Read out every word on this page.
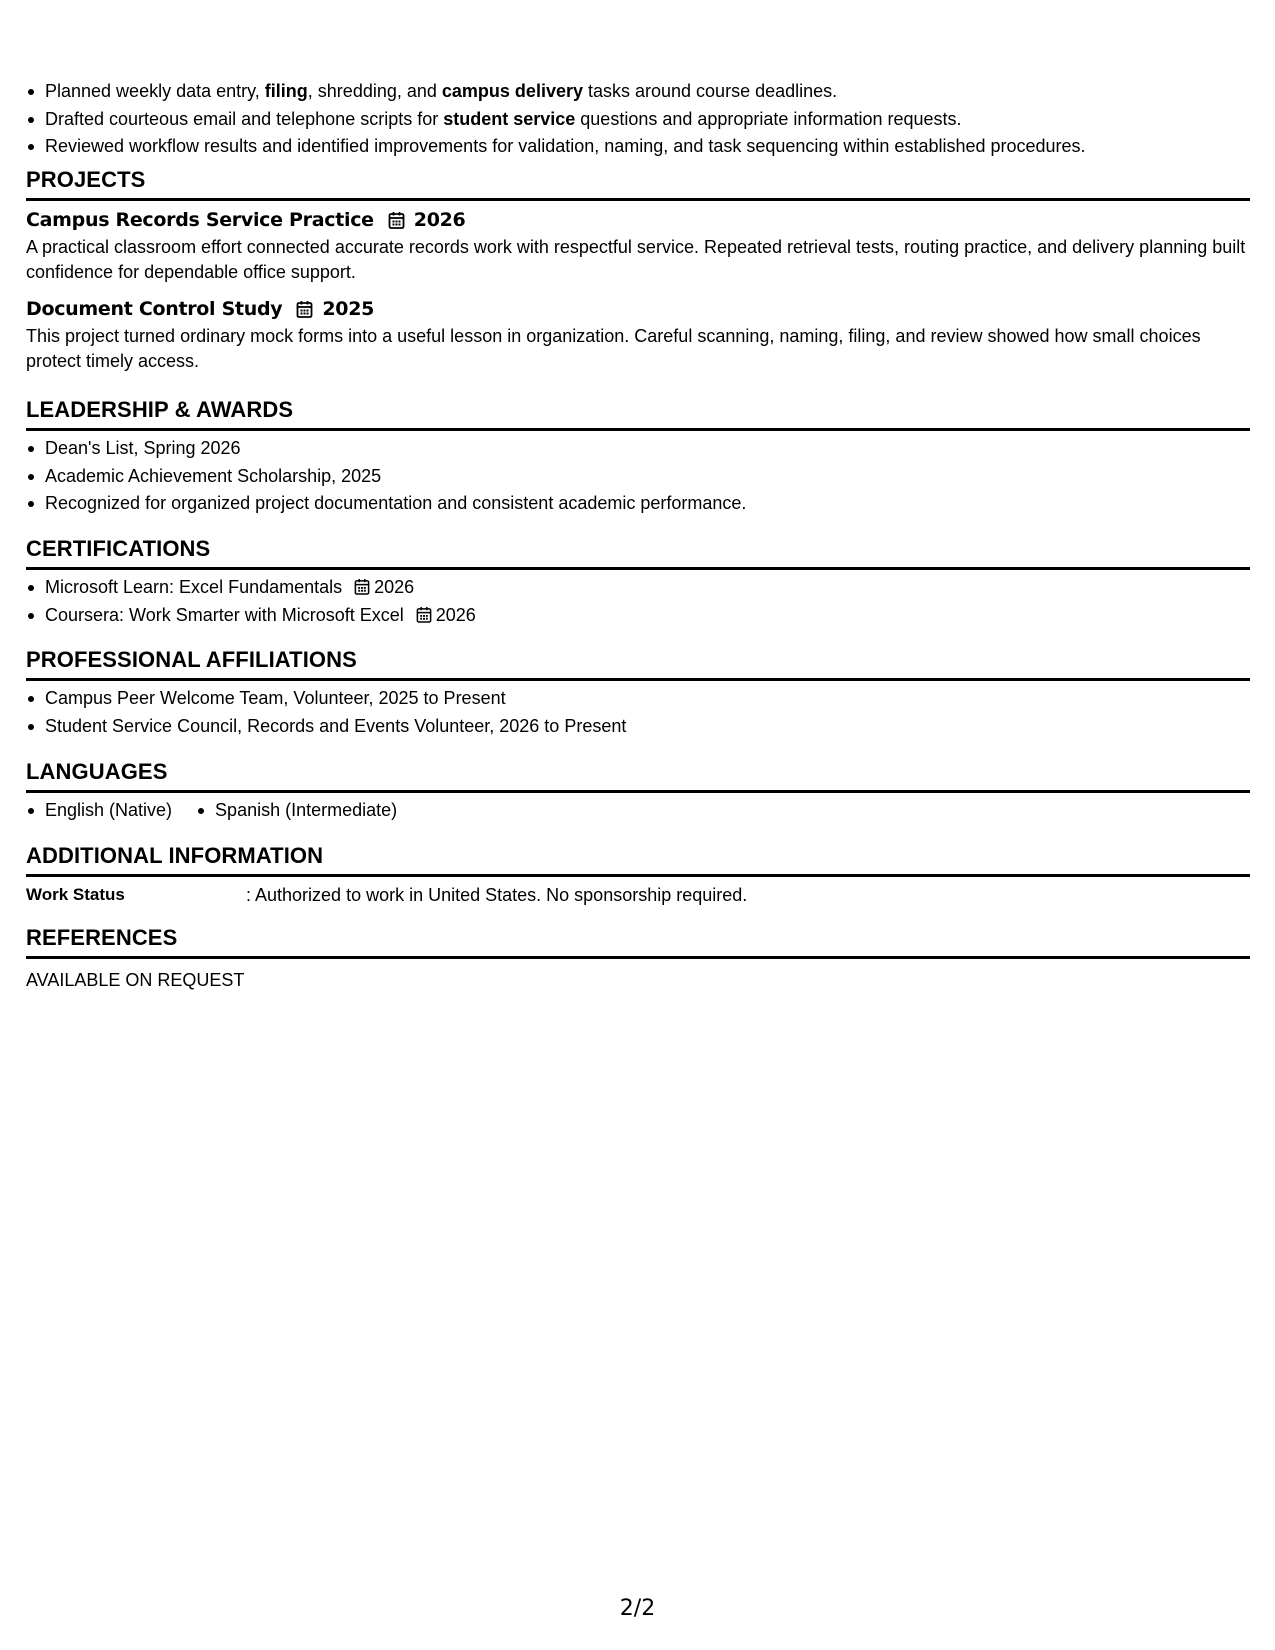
Planned weekly data entry, filing, shredding, and campus delivery tasks around course deadlines.
Drafted courteous email and telephone scripts for student service questions and appropriate information requests.
Reviewed workflow results and identified improvements for validation, naming, and task sequencing within established procedures.
PROJECTS
Campus Records Service Practice 2026
A practical classroom effort connected accurate records work with respectful service. Repeated retrieval tests, routing practice, and delivery planning built confidence for dependable office support.
Document Control Study 2025
This project turned ordinary mock forms into a useful lesson in organization. Careful scanning, naming, filing, and review showed how small choices protect timely access.
LEADERSHIP & AWARDS
Dean's List, Spring 2026
Academic Achievement Scholarship, 2025
Recognized for organized project documentation and consistent academic performance.
CERTIFICATIONS
Microsoft Learn: Excel Fundamentals 2026
Coursera: Work Smarter with Microsoft Excel 2026
PROFESSIONAL AFFILIATIONS
Campus Peer Welcome Team, Volunteer, 2025 to Present
Student Service Council, Records and Events Volunteer, 2026 to Present
LANGUAGES
English (Native)	Spanish (Intermediate)
ADDITIONAL INFORMATION
Work Status	: Authorized to work in United States. No sponsorship required.
REFERENCES
AVAILABLE ON REQUEST
2/2
